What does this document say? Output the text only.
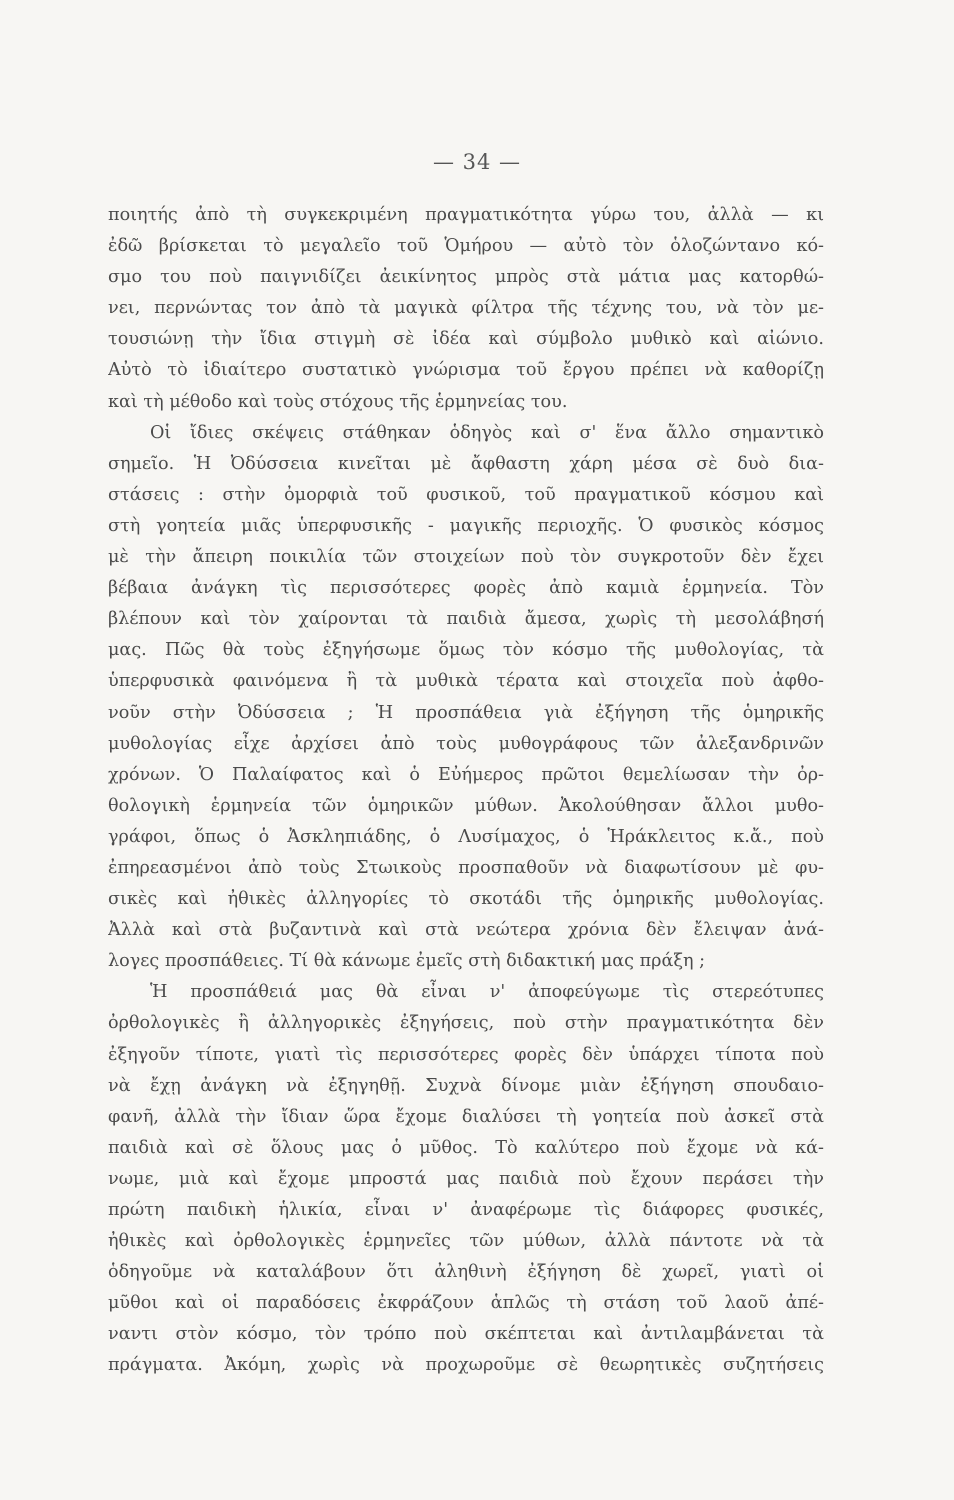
— 34 —
ποιητής ἀπὸ τὴ συγκεκριμένη πραγματικότητα γύρω του, ἀλλὰ — κι
ἐδῶ βρίσκεται τὸ μεγαλεῖο τοῦ Ὁμήρου — αὐτὸ τὸν ὁλοζώντανο κό-
σμο του ποὺ παιγνιδίζει ἀεικίνητος μπρὸς στὰ μάτια μας κατορθώ-
νει, περνώντας τον ἀπὸ τὰ μαγικὰ φίλτρα τῆς τέχνης του, νὰ τὸν με-
τουσιώνῃ τὴν ἴδια στιγμὴ σὲ ἰδέα καὶ σύμβολο μυθικὸ καὶ αἰώνιο.
Αὐτὸ τὸ ἰδιαίτερο συστατικὸ γνώρισμα τοῦ ἔργου πρέπει νὰ καθορίζῃ
καὶ τὴ μέθοδο καὶ τοὺς στόχους τῆς ἑρμηνείας του.
Οἱ ἴδιες σκέψεις στάθηκαν ὁδηγὸς καὶ σ' ἕνα ἄλλο σημαντικὸ
σημεῖο. Ἡ Ὀδύσσεια κινεῖται μὲ ἄφθαστη χάρη μέσα σὲ δυὸ δια-
στάσεις : στὴν ὀμορφιὰ τοῦ φυσικοῦ, τοῦ πραγματικοῦ κόσμου καὶ
στὴ γοητεία μιᾶς ὑπερφυσικῆς - μαγικῆς περιοχῆς. Ὁ φυσικὸς κόσμος
μὲ τὴν ἄπειρη ποικιλία τῶν στοιχείων ποὺ τὸν συγκροτοῦν δὲν ἔχει
βέβαια ἀνάγκη τὶς περισσότερες φορὲς ἀπὸ καμιὰ ἑρμηνεία. Τὸν
βλέπουν καὶ τὸν χαίρονται τὰ παιδιὰ ἄμεσα, χωρὶς τὴ μεσολάβησή
μας. Πῶς θὰ τοὺς ἐξηγήσωμε ὅμως τὸν κόσμο τῆς μυθολογίας, τὰ
ὑπερφυσικὰ φαινόμενα ἢ τὰ μυθικὰ τέρατα καὶ στοιχεῖα ποὺ ἀφθο-
νοῦν στὴν Ὀδύσσεια ; Ἡ προσπάθεια γιὰ ἐξήγηση τῆς ὁμηρικῆς
μυθολογίας εἶχε ἀρχίσει ἀπὸ τοὺς μυθογράφους τῶν ἀλεξανδρινῶν
χρόνων. Ὁ Παλαίφατος καὶ ὁ Εὐήμερος πρῶτοι θεμελίωσαν τὴν ὀρ-
θολογικὴ ἑρμηνεία τῶν ὁμηρικῶν μύθων. Ἀκολούθησαν ἄλλοι μυθο-
γράφοι, ὅπως ὁ Ἀσκληπιάδης, ὁ Λυσίμαχος, ὁ Ἡράκλειτος κ.ἄ., ποὺ
ἐπηρεασμένοι ἀπὸ τοὺς Στωικοὺς προσπαθοῦν νὰ διαφωτίσουν μὲ φυ-
σικὲς καὶ ἠθικὲς ἀλληγορίες τὸ σκοτάδι τῆς ὁμηρικῆς μυθολογίας.
Ἀλλὰ καὶ στὰ βυζαντινὰ καὶ στὰ νεώτερα χρόνια δὲν ἔλειψαν ἀνά-
λογες προσπάθειες. Τί θὰ κάνωμε ἐμεῖς στὴ διδακτική μας πράξη ;
Ἡ προσπάθειά μας θὰ εἶναι ν' ἀποφεύγωμε τὶς στερεότυπες
ὀρθολογικὲς ἢ ἀλληγορικὲς ἐξηγήσεις, ποὺ στὴν πραγματικότητα δὲν
ἐξηγοῦν τίποτε, γιατὶ τὶς περισσότερες φορὲς δὲν ὑπάρχει τίποτα ποὺ
νὰ ἔχῃ ἀνάγκη νὰ ἐξηγηθῇ. Συχνὰ δίνομε μιὰν ἐξήγηση σπουδαιο-
φανῆ, ἀλλὰ τὴν ἴδιαν ὥρα ἔχομε διαλύσει τὴ γοητεία ποὺ ἀσκεῖ στὰ
παιδιὰ καὶ σὲ ὅλους μας ὁ μῦθος. Τὸ καλύτερο ποὺ ἔχομε νὰ κά-
νωμε, μιὰ καὶ ἔχομε μπροστά μας παιδιὰ ποὺ ἔχουν περάσει τὴν
πρώτη παιδικὴ ἡλικία, εἶναι ν' ἀναφέρωμε τὶς διάφορες φυσικές,
ἠθικὲς καὶ ὀρθολογικὲς ἑρμηνεῖες τῶν μύθων, ἀλλὰ πάντοτε νὰ τὰ
ὁδηγοῦμε νὰ καταλάβουν ὅτι ἀληθινὴ ἐξήγηση δὲ χωρεῖ, γιατὶ οἱ
μῦθοι καὶ οἱ παραδόσεις ἐκφράζουν ἁπλῶς τὴ στάση τοῦ λαοῦ ἀπέ-
ναντι στὸν κόσμο, τὸν τρόπο ποὺ σκέπτεται καὶ ἀντιλαμβάνεται τὰ
πράγματα. Ἀκόμη, χωρὶς νὰ προχωροῦμε σὲ θεωρητικὲς συζητήσεις
